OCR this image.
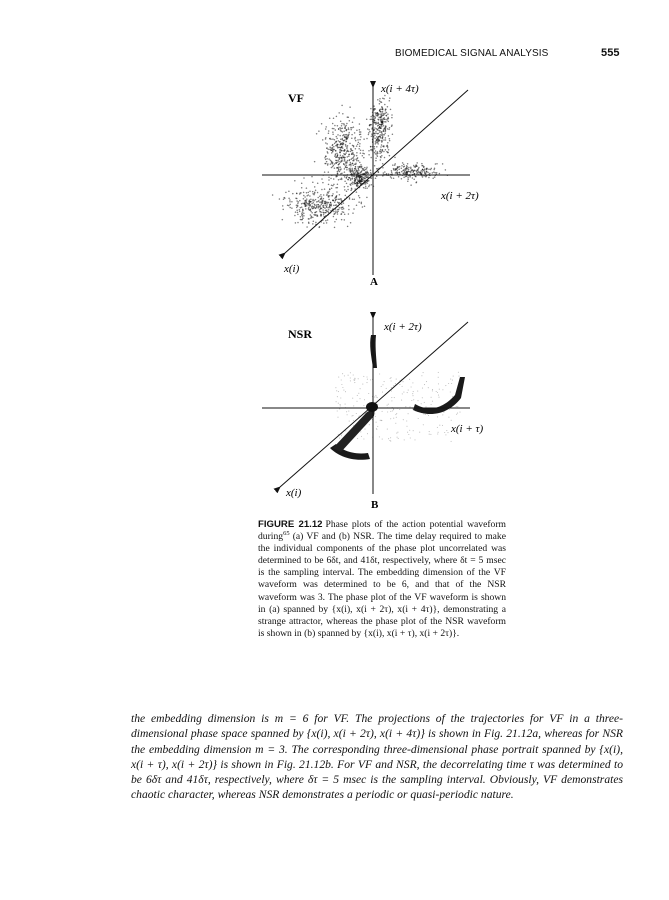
BIOMEDICAL SIGNAL ANALYSIS	555
VF
x(i + 4τ)
x(i + 2τ)
x(i)
A
NSR	x(i + 2τ)
x(i + τ)
x(i)
B
FIGURE 21.12 Phase plots of the action potential waveform during$^{65}$ (a) VF and (b) NSR. The time delay required to make the individual components of the phase plot uncorrelated was determined to be 6δt, and 41δt, respectively, where δt = 5 msec is the sampling interval. The embedding dimension of the VF waveform was determined to be 6, and that of the NSR waveform was 3. The phase plot of the VF waveform is shown in (a) spanned by {x(i), x(i + 2τ), x(i + 4τ)}, demonstrating a strange attractor, whereas the phase plot of the NSR waveform is shown in (b) spanned by {x(i), x(i + τ), x(i + 2τ)}.
the embedding dimension is m = 6 for VF. The projections of the trajectories for VF in a three-dimensional phase space spanned by {x(i), x(i + 2τ), x(i + 4τ)} is shown in Fig. 21.12a, whereas for NSR the embedding dimension m = 3. The corresponding three-dimensional phase portrait spanned by {x(i), x(i + τ), x(i + 2τ)} is shown in Fig. 21.12b. For VF and NSR, the decorrelating time τ was determined to be 6δτ and 41δτ, respectively, where δτ = 5 msec is the sampling interval. Obviously, VF demonstrates chaotic character, whereas NSR demonstrates a periodic or quasi-periodic nature.
